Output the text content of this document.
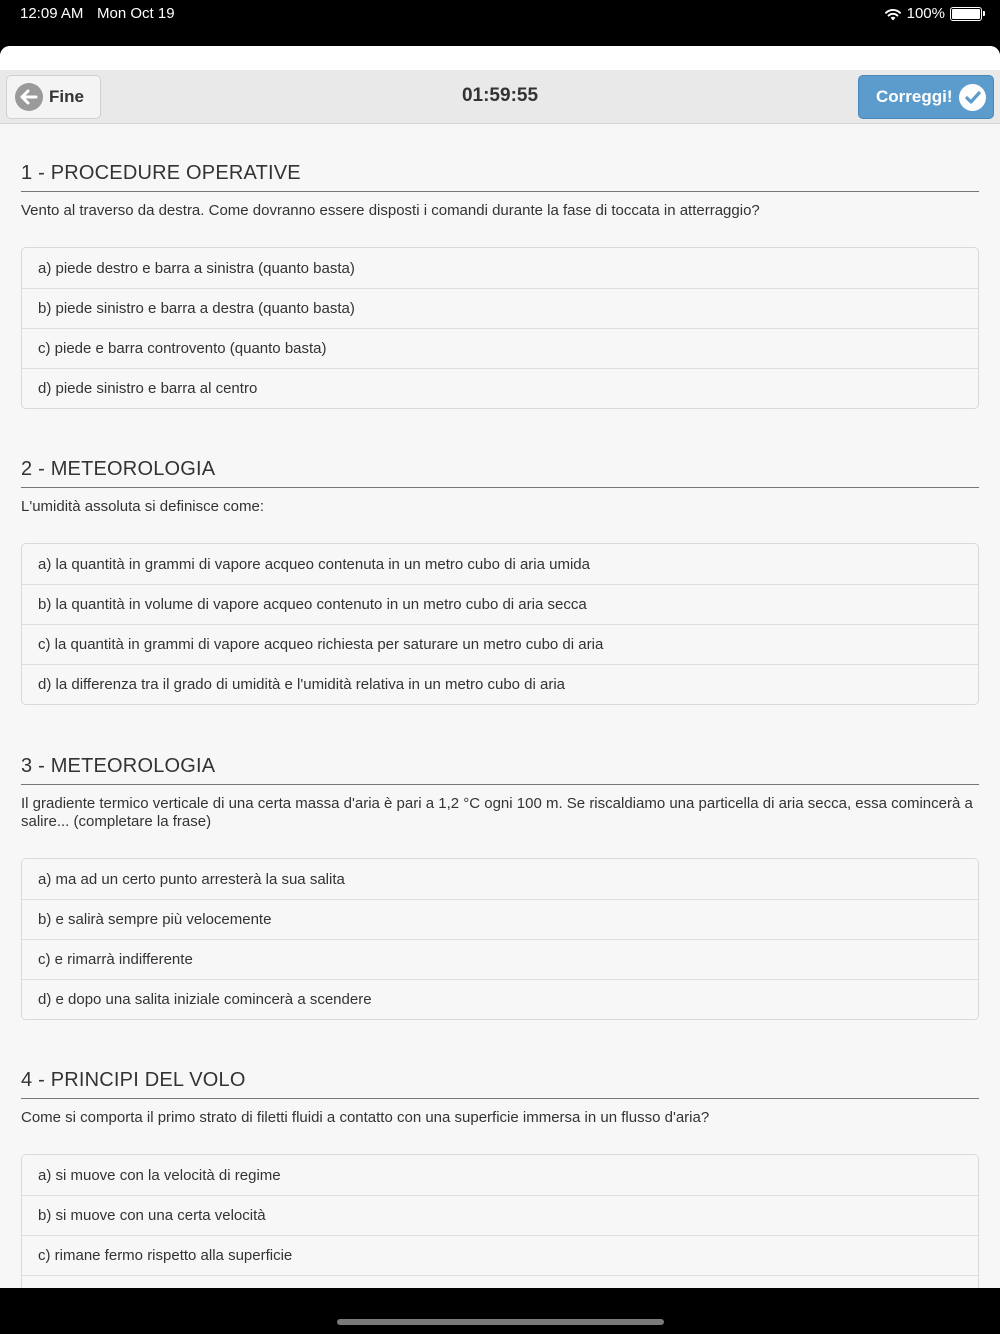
12:09 AM Mon Oct 19	100%
Fine	01:59:55	Correggi!
1 - PROCEDURE OPERATIVE
Vento al traverso da destra. Come dovranno essere disposti i comandi durante la fase di toccata in atterraggio?
a) piede destro e barra a sinistra (quanto basta)
b) piede sinistro e barra a destra (quanto basta)
c) piede e barra controvento (quanto basta)
d) piede sinistro e barra al centro
2 - METEOROLOGIA
L'umidità assoluta si definisce come:
a) la quantità in grammi di vapore acqueo contenuta in un metro cubo di aria umida
b) la quantità in volume di vapore acqueo contenuto in un metro cubo di aria secca
c) la quantità in grammi di vapore acqueo richiesta per saturare un metro cubo di aria
d) la differenza tra il grado di umidità e l'umidità relativa in un metro cubo di aria
3 - METEOROLOGIA
Il gradiente termico verticale di una certa massa d'aria è pari a 1,2 °C ogni 100 m. Se riscaldiamo una particella di aria secca, essa comincerà a salire... (completare la frase)
a) ma ad un certo punto arresterà la sua salita
b) e salirà sempre più velocemente
c) e rimarrà indifferente
d) e dopo una salita iniziale comincerà a scendere
4 - PRINCIPI DEL VOLO
Come si comporta il primo strato di filetti fluidi a contatto con una superficie immersa in un flusso d'aria?
a) si muove con la velocità di regime
b) si muove con una certa velocità
c) rimane fermo rispetto alla superficie
